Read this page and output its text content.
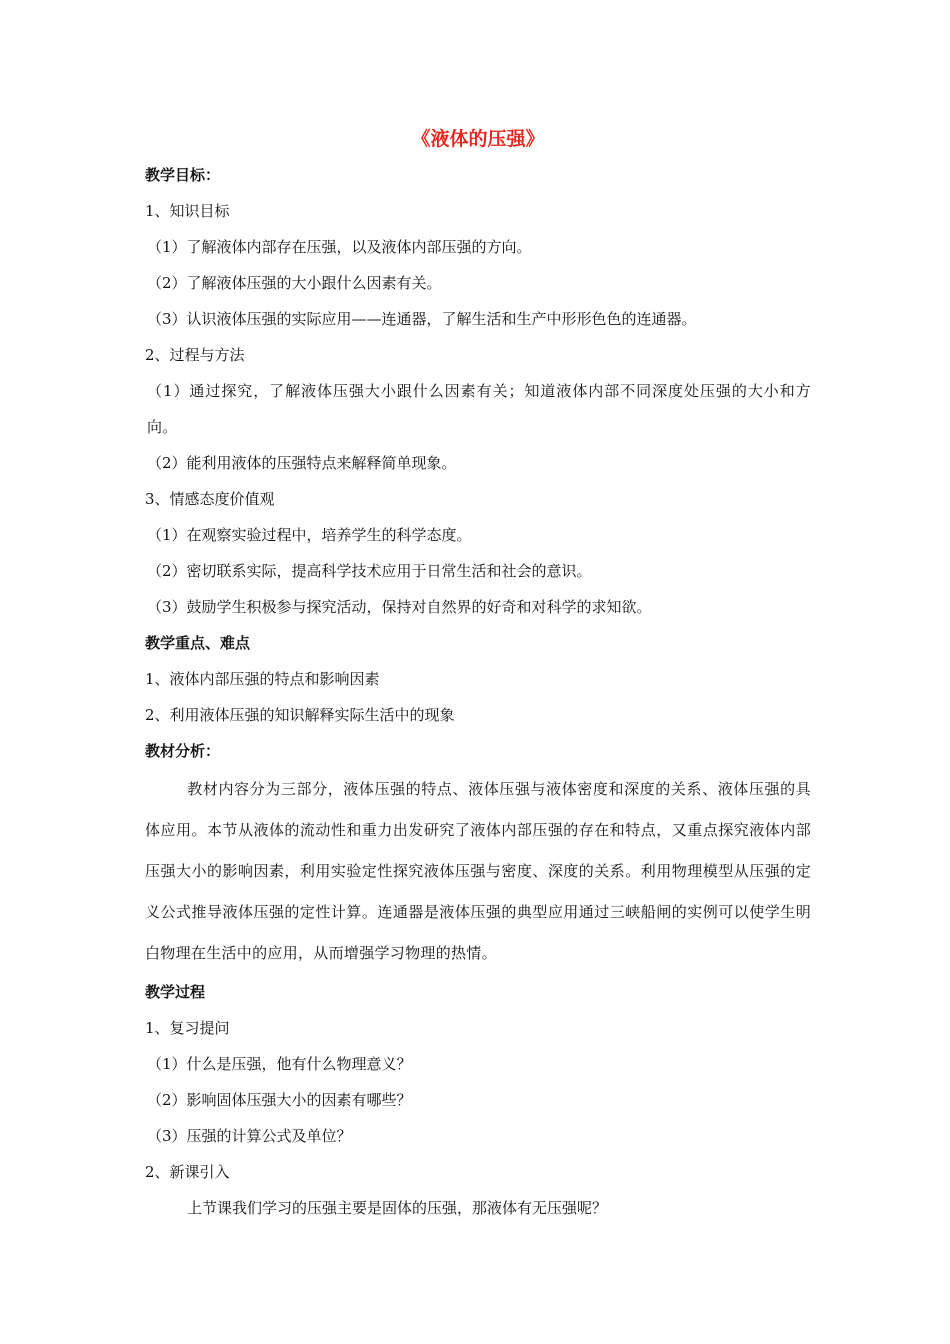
《液体的压强》
教学目标：
1、知识目标
（1）了解液体内部存在压强，以及液体内部压强的方向。
（2）了解液体压强的大小跟什么因素有关。
（3）认识液体压强的实际应用——连通器，了解生活和生产中形形色色的连通器。
2、过程与方法
（1）通过探究，了解液体压强大小跟什么因素有关；知道液体内部不同深度处压强的大小和方向。
（2）能利用液体的压强特点来解释简单现象。
3、情感态度价值观
（1）在观察实验过程中，培养学生的科学态度。
（2）密切联系实际，提高科学技术应用于日常生活和社会的意识。
（3）鼓励学生积极参与探究活动，保持对自然界的好奇和对科学的求知欲。
教学重点、难点
1、液体内部压强的特点和影响因素
2、利用液体压强的知识解释实际生活中的现象
教材分析：
教材内容分为三部分，液体压强的特点、液体压强与液体密度和深度的关系、液体压强的具体应用。本节从液体的流动性和重力出发研究了液体内部压强的存在和特点，又重点探究液体内部压强大小的影响因素，利用实验定性探究液体压强与密度、深度的关系。利用物理模型从压强的定义公式推导液体压强的定性计算。连通器是液体压强的典型应用通过三峡船闸的实例可以使学生明白物理在生活中的应用，从而增强学习物理的热情。
教学过程
1、复习提问
（1）什么是压强，他有什么物理意义？
（2）影响固体压强大小的因素有哪些？
（3）压强的计算公式及单位？
2、新课引入
上节课我们学习的压强主要是固体的压强，那液体有无压强呢？
